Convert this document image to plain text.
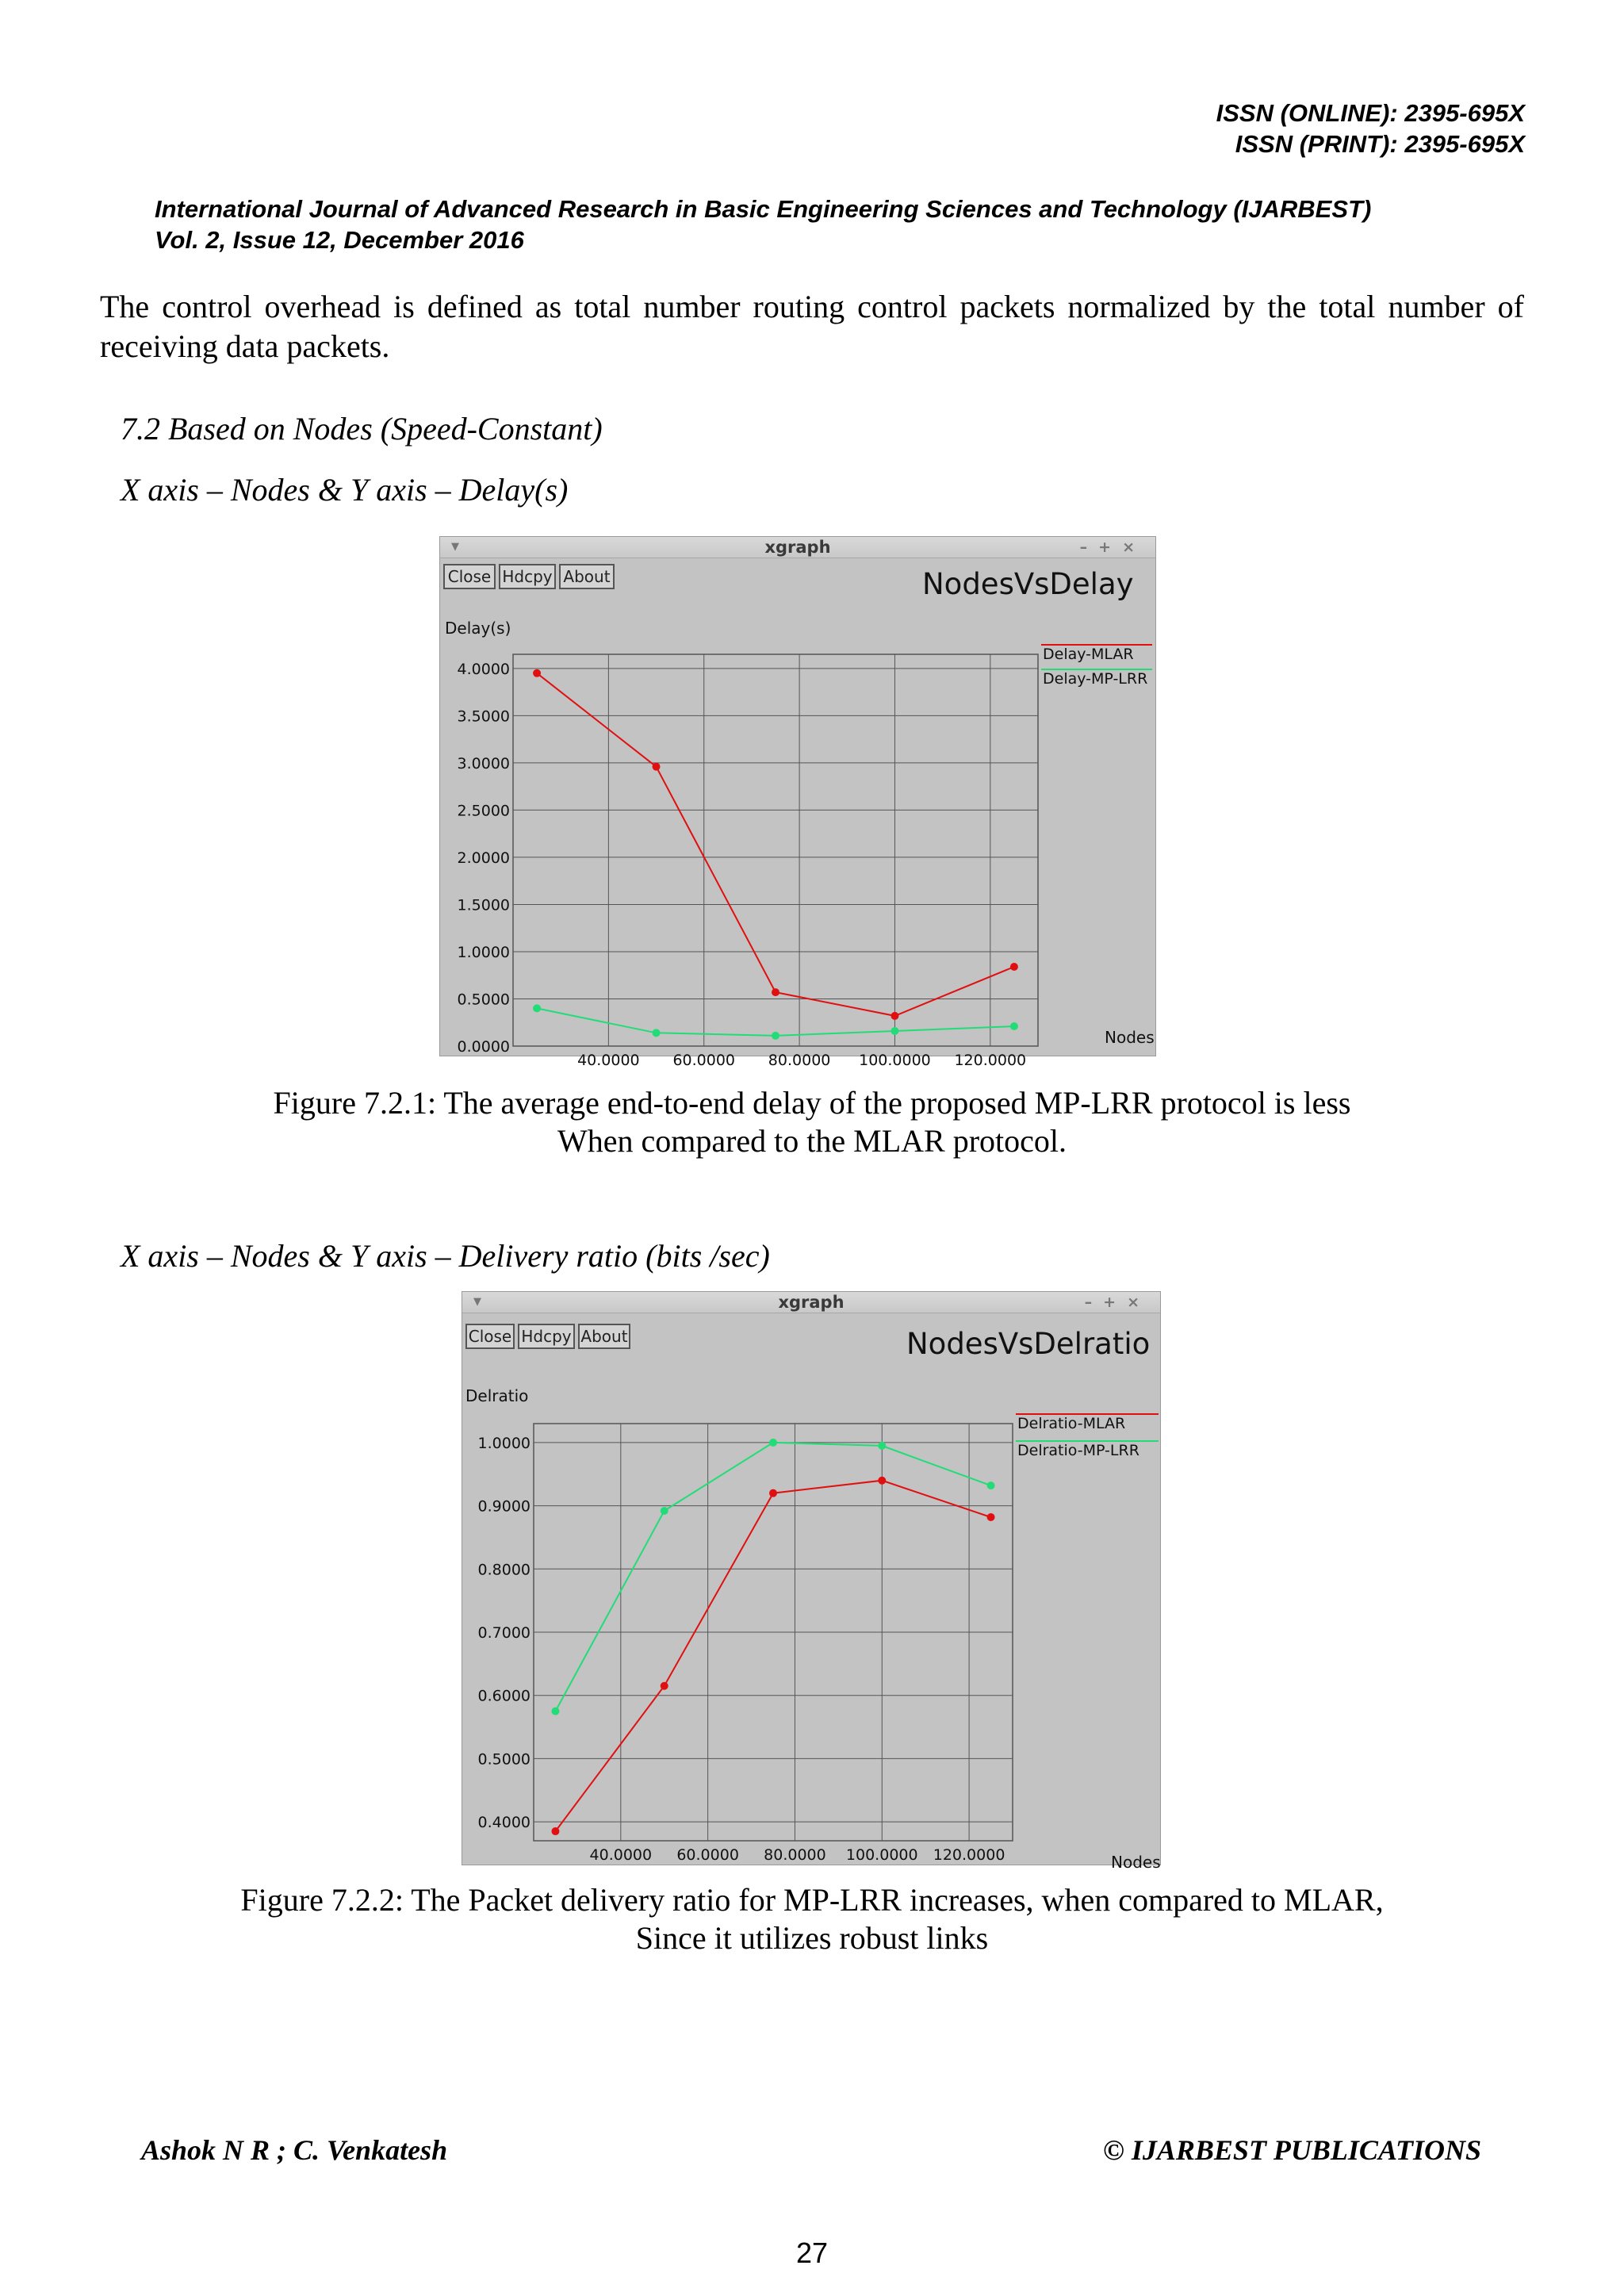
ISSN (ONLINE): 2395-695X
ISSN (PRINT): 2395-695X
International Journal of Advanced Research in Basic Engineering Sciences and Technology (IJARBEST)
Vol. 2, Issue 12, December 2016
The control overhead is defined as total number routing control packets normalized by the total number of receiving data packets.
7.2 Based on Nodes (Speed-Constant)
X axis – Nodes & Y axis – Delay(s)
▼	xgraph	–+×
Close Hdcpy About	NodesVsDelay
0.0000
0.5000
1.0000
1.5000
2.0000
2.5000
3.0000
3.5000
4.0000
40.0000 60.0000 80.0000 100.0000 120.0000
Delay(s)
Nodes
Delay-MLAR
Delay-MP-LRR
Figure 7.2.1: The average end-to-end delay of the proposed MP-LRR protocol is less
When compared to the MLAR protocol.
X axis – Nodes & Y axis – Delivery ratio (bits /sec)
▼	xgraph	–+×
Close Hdcpy About	NodesVsDelratio
0.4000
0.5000
0.6000
0.7000
0.8000
0.9000
1.0000
40.0000 60.0000 80.0000 100.0000 120.0000
Delratio
Nodes
Delratio-MLAR
Delratio-MP-LRR
Figure 7.2.2: The Packet delivery ratio for MP-LRR increases, when compared to MLAR,
Since it utilizes robust links
Ashok N R ; C. Venkatesh	© IJARBEST PUBLICATIONS
27
